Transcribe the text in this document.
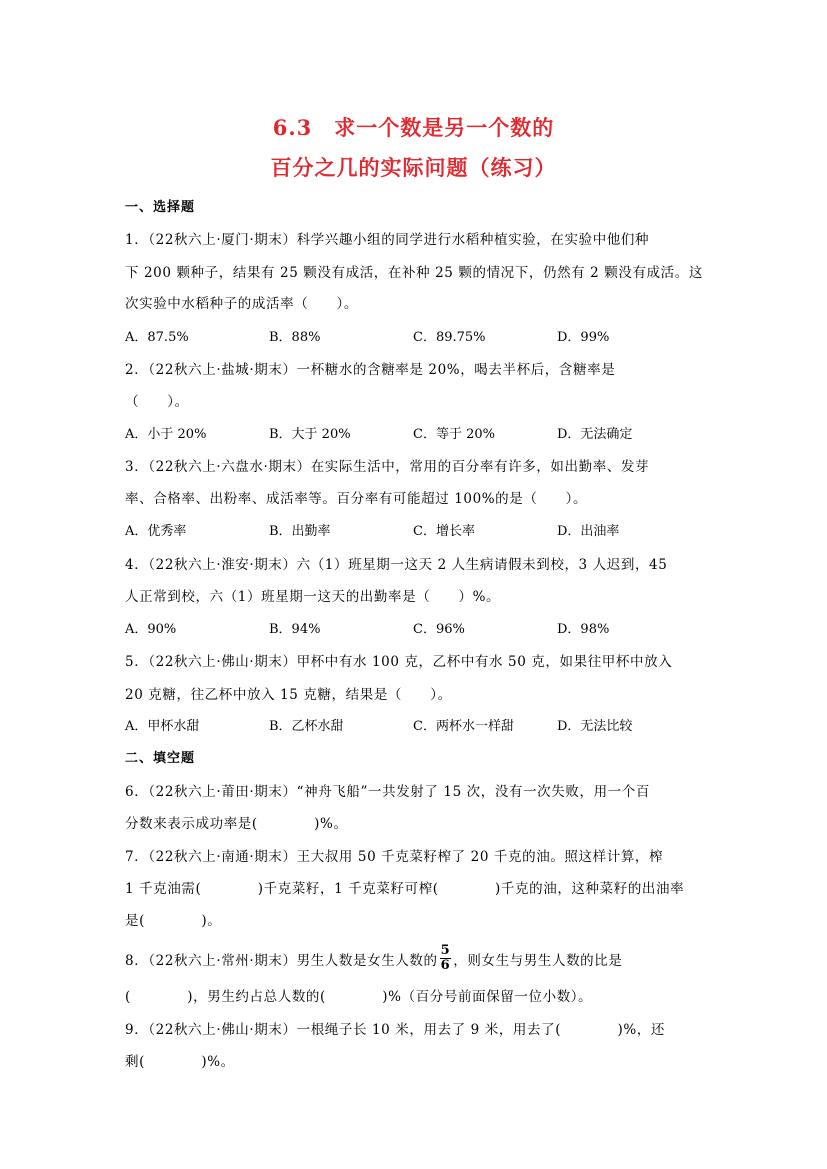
6.3　求一个数是另一个数的
百分之几的实际问题（练习）
一、选择题
1．（22秋六上·厦门·期末）科学兴趣小组的同学进行水稻种植实验，在实验中他们种
下 200 颗种子，结果有 25 颗没有成活，在补种 25 颗的情况下，仍然有 2 颗没有成活。这
次实验中水稻种子的成活率（　　）。
A．87.5%	B．88%	C．89.75%	D．99%
2．（22秋六上·盐城·期末）一杯糖水的含糖率是 20%，喝去半杯后，含糖率是
（　　）。
A．小于 20%	B．大于 20%	C．等于 20%	D．无法确定
3．（22秋六上·六盘水·期末）在实际生活中，常用的百分率有许多，如出勤率、发芽
率、合格率、出粉率、成活率等。百分率有可能超过 100%的是（　　）。
A．优秀率	B．出勤率	C．增长率	D．出油率
4．（22秋六上·淮安·期末）六（1）班星期一这天 2 人生病请假未到校，3 人迟到，45
人正常到校，六（1）班星期一这天的出勤率是（　　）%。
A．90%	B．94%	C．96%	D．98%
5．（22秋六上·佛山·期末）甲杯中有水 100 克，乙杯中有水 50 克，如果往甲杯中放入
20 克糖，往乙杯中放入 15 克糖，结果是（　　）。
A．甲杯水甜	B．乙杯水甜	C．两杯水一样甜	D．无法比较
二、填空题
6．（22秋六上·莆田·期末）“神舟飞船”一共发射了 15 次，没有一次失败，用一个百
分数来表示成功率是(　　　　)%。
7．（22秋六上·南通·期末）王大叔用 50 千克菜籽榨了 20 千克的油。照这样计算，榨
1 千克油需(　　　　)千克菜籽，1 千克菜籽可榨(　　　　)千克的油，这种菜籽的出油率
是(　　　　)。
8．（22秋六上·常州·期末）男生人数是女生人数的 $\frac{5}{6}$ ，则女生与男生人数的比是
(　　　　)，男生约占总人数的(　　　　)%（百分号前面保留一位小数）。
9．（22秋六上·佛山·期末）一根绳子长 10 米，用去了 9 米，用去了(　　　　)%，还
剩(　　　　)%。
